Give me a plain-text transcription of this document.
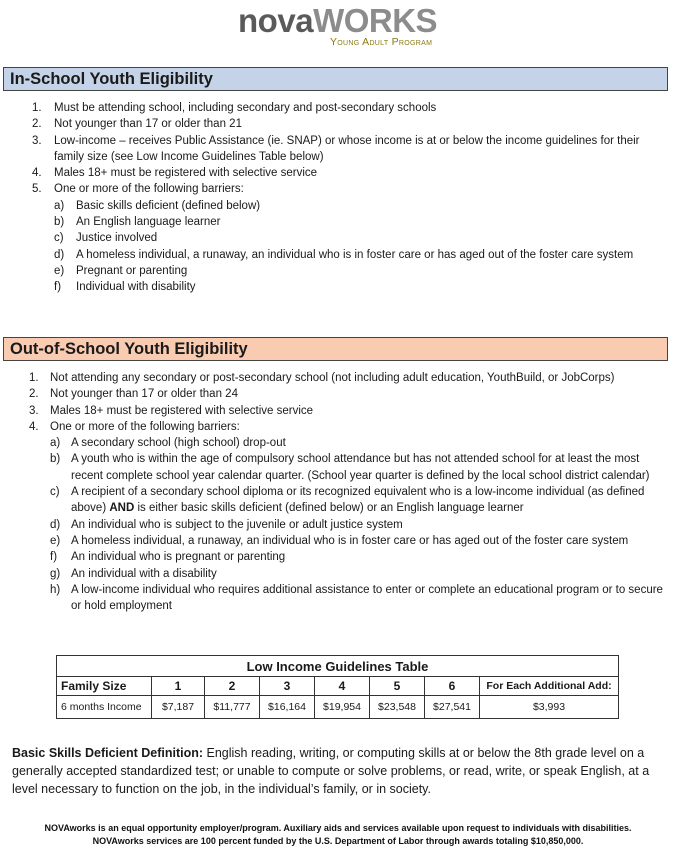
novaWORKS
Young Adult Program
In-School Youth Eligibility
1. Must be attending school, including secondary and post-secondary schools
2. Not younger than 17 or older than 21
3. Low-income – receives Public Assistance (ie. SNAP) or whose income is at or below the income guidelines for their family size (see Low Income Guidelines Table below)
4. Males 18+ must be registered with selective service
5. One or more of the following barriers:
a) Basic skills deficient (defined below)
b) An English language learner
c) Justice involved
d) A homeless individual, a runaway, an individual who is in foster care or has aged out of the foster care system
e) Pregnant or parenting
f) Individual with disability
Out-of-School Youth Eligibility
1. Not attending any secondary or post-secondary school (not including adult education, YouthBuild, or JobCorps)
2. Not younger than 17 or older than 24
3. Males 18+ must be registered with selective service
4. One or more of the following barriers:
a) A secondary school (high school) drop-out
b) A youth who is within the age of compulsory school attendance but has not attended school for at least the most recent complete school year calendar quarter. (School year quarter is defined by the local school district calendar)
c) A recipient of a secondary school diploma or its recognized equivalent who is a low-income individual (as defined above) AND is either basic skills deficient (defined below) or an English language learner
d) An individual who is subject to the juvenile or adult justice system
e) A homeless individual, a runaway, an individual who is in foster care or has aged out of the foster care system
f) An individual who is pregnant or parenting
g) An individual with a disability
h) A low-income individual who requires additional assistance to enter or complete an educational program or to secure or hold employment
Low Income Guidelines Table							
Family Size	1	2	3	4	5	6	For Each Additional Add:
6 months Income	$7,187	$11,777	$16,164	$19,954	$23,548	$27,541	$3,993
Basic Skills Deficient Definition: English reading, writing, or computing skills at or below the 8th grade level on a generally accepted standardized test; or unable to compute or solve problems, or read, write, or speak English, at a level necessary to function on the job, in the individual’s family, or in society.
NOVAworks is an equal opportunity employer/program. Auxiliary aids and services available upon request to individuals with disabilities.
NOVAworks services are 100 percent funded by the U.S. Department of Labor through awards totaling $10,850,000.
